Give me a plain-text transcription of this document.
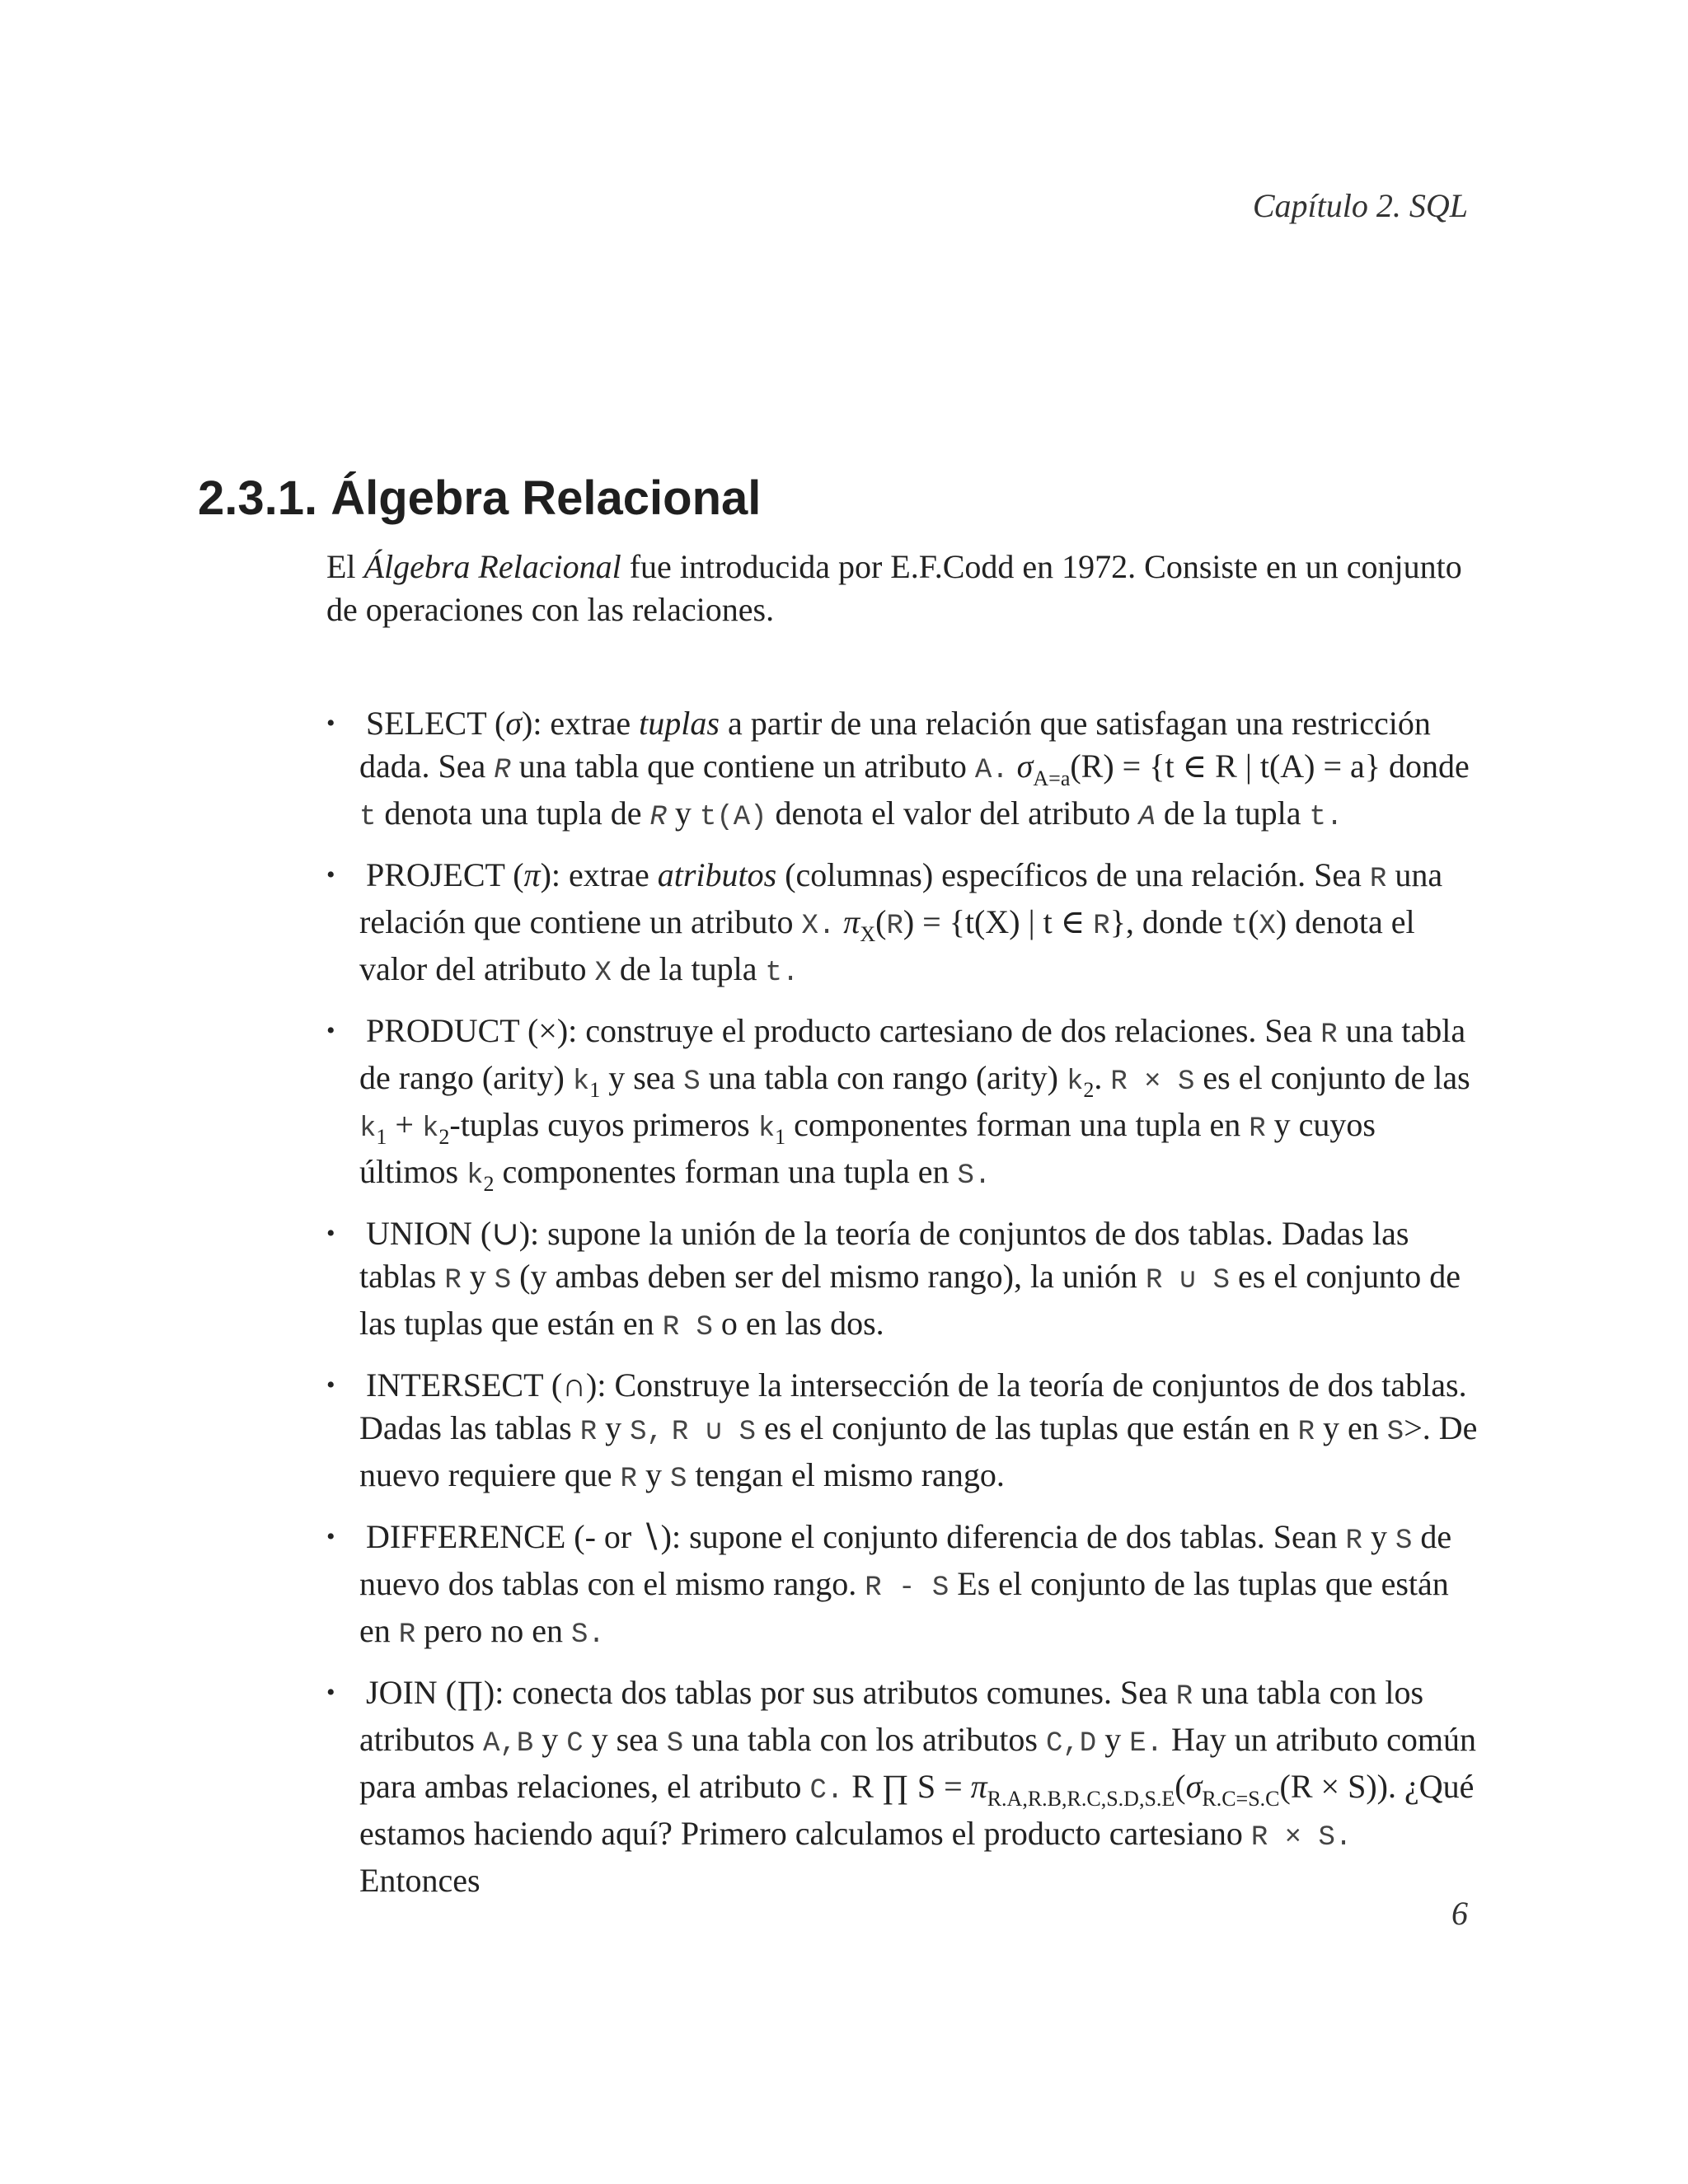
Capítulo 2. SQL
2.3.1. Álgebra Relacional

El Álgebra Relacional fue introducida por E.F.Codd en 1972. Consiste en un conjunto de operaciones con las relaciones.

• SELECT (σ): extrae tuplas a partir de una relación que satisfagan una restricción dada. Sea R una tabla que contiene un atributo A. $\sigma_{A=a}(R) = \{t$ ∈ R | t(A) = a} donde t denota una tupla de R y t(A) denota el valor del atributo A de la tupla t.
• PROJECT (π): extrae atributos (columnas) específicos de una relación. Sea R una relación que contiene un atributo X. $\pi_X(R) = \{t(X)$ | t ∈ R}, donde t(X) denota el valor del atributo X de la tupla t.
• PRODUCT (×): construye el producto cartesiano de dos relaciones. Sea R una tabla de rango (arity) $k_1$ y sea S una tabla con rango (arity) $k_2$. R × S es el conjunto de las $k_1$ + $k_2$-tuplas cuyos primeros $k_1$ componentes forman una tupla en R y cuyos últimos $k_2$ componentes forman una tupla en S.
• UNION (∪): supone la unión de la teoría de conjuntos de dos tablas. Dadas las tablas R y S (y ambas deben ser del mismo rango), la unión R ∪ S es el conjunto de las tuplas que están en R S o en las dos.
• INTERSECT (∩): Construye la intersección de la teoría de conjuntos de dos tablas. Dadas las tablas R y S, R ∪ S es el conjunto de las tuplas que están en R y en S>. De nuevo requiere que R y S tengan el mismo rango.
• DIFFERENCE (- or ∖): supone el conjunto diferencia de dos tablas. Sean R y S de nuevo dos tablas con el mismo rango. R - S Es el conjunto de las tuplas que están en R pero no en S.
• JOIN (∏): conecta dos tablas por sus atributos comunes. Sea R una tabla con los atributos A,B y C y sea S una tabla con los atributos C,D y E. Hay un atributo común para ambas relaciones, el atributo C. R ∏ $S = \pi_{R.A,R.B,R.C,S.D,S.E}(\sigma_{R.C=S.C}(R \times S))$. ¿Qué estamos haciendo aquí? Primero calculamos el producto cartesiano R × S. Entonces
6
